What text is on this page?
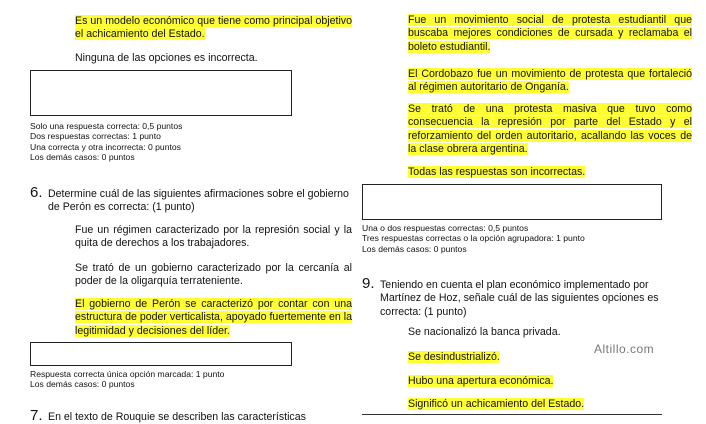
Es un modelo económico que tiene como principal objetivo el achicamiento del Estado.
Ninguna de las opciones es incorrecta.
Solo una respuesta correcta: 0,5 puntos
Dos respuestas correctas: 1 punto
Una correcta y otra incorrecta: 0 puntos
Los demás casos: 0 puntos
6. Determine cuál de las siguientes afirmaciones sobre el gobierno de Perón es correcta: (1 punto)
Fue un régimen caracterizado por la represión social y la quita de derechos a los trabajadores.
Se trató de un gobierno caracterizado por la cercanía al poder de la oligarquía terrateniente.
El gobierno de Perón se caracterizó por contar con una estructura de poder verticalista, apoyado fuertemente en la legitimidad y decisiones del líder.
Respuesta correcta única opción marcada: 1 punto
Los demás casos: 0 puntos
7. En el texto de Rouquie se describen las características
Fue un movimiento social de protesta estudiantil que buscaba mejores condiciones de cursada y reclamaba el boleto estudiantil.
El Cordobazo fue un movimiento de protesta que fortaleció al régimen autoritario de Onganía.
Se trató de una protesta masiva que tuvo como consecuencia la represión por parte del Estado y el reforzamiento del orden autoritario, acallando las voces de la clase obrera argentina.
Todas las respuestas son incorrectas.
Una o dos respuestas correctas: 0,5 puntos
Tres respuestas correctas o la opción agrupadora: 1 punto
Los demás casos: 0 puntos
9. Teniendo en cuenta el plan económico implementado por Martínez de Hoz, señale cuál de las siguientes opciones es correcta: (1 punto)
Se nacionalizó la banca privada.
Se desindustrializó.
Hubo una apertura económica.
Significó un achicamiento del Estado.
Altillo.com
